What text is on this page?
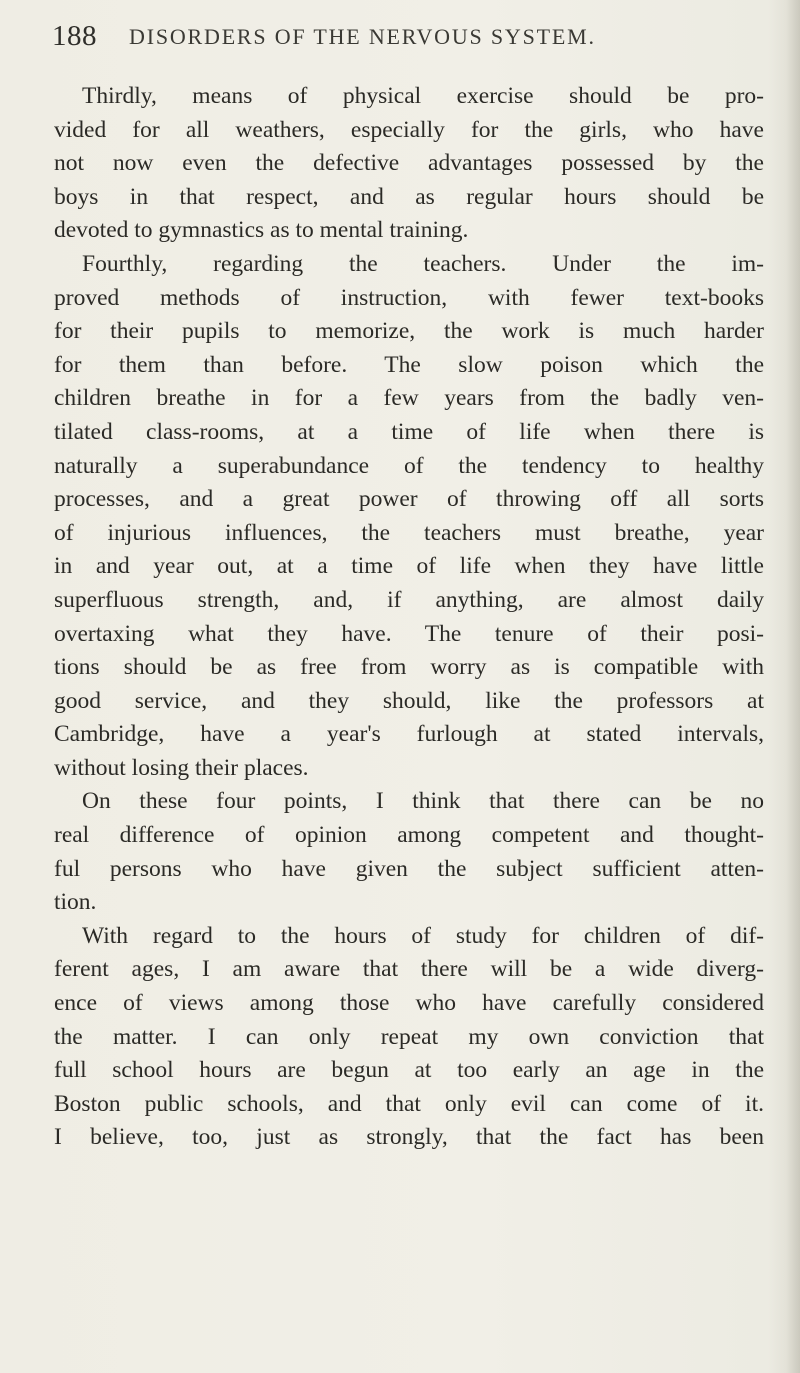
188 DISORDERS OF THE NERVOUS SYSTEM.
Thirdly, means of physical exercise should be pro-
vided for all weathers, especially for the girls, who have
not now even the defective advantages possessed by the
boys in that respect, and as regular hours should be
devoted to gymnastics as to mental training.
Fourthly, regarding the teachers. Under the im-
proved methods of instruction, with fewer text-books
for their pupils to memorize, the work is much harder
for them than before. The slow poison which the
children breathe in for a few years from the badly ven-
tilated class-rooms, at a time of life when there is
naturally a superabundance of the tendency to healthy
processes, and a great power of throwing off all sorts
of injurious influences, the teachers must breathe, year
in and year out, at a time of life when they have little
superfluous strength, and, if anything, are almost daily
overtaxing what they have. The tenure of their posi-
tions should be as free from worry as is compatible with
good service, and they should, like the professors at
Cambridge, have a year's furlough at stated intervals,
without losing their places.
On these four points, I think that there can be no
real difference of opinion among competent and thought-
ful persons who have given the subject sufficient atten-
tion.
With regard to the hours of study for children of dif-
ferent ages, I am aware that there will be a wide diverg-
ence of views among those who have carefully considered
the matter. I can only repeat my own conviction that
full school hours are begun at too early an age in the
Boston public schools, and that only evil can come of it.
I believe, too, just as strongly, that the fact has been
